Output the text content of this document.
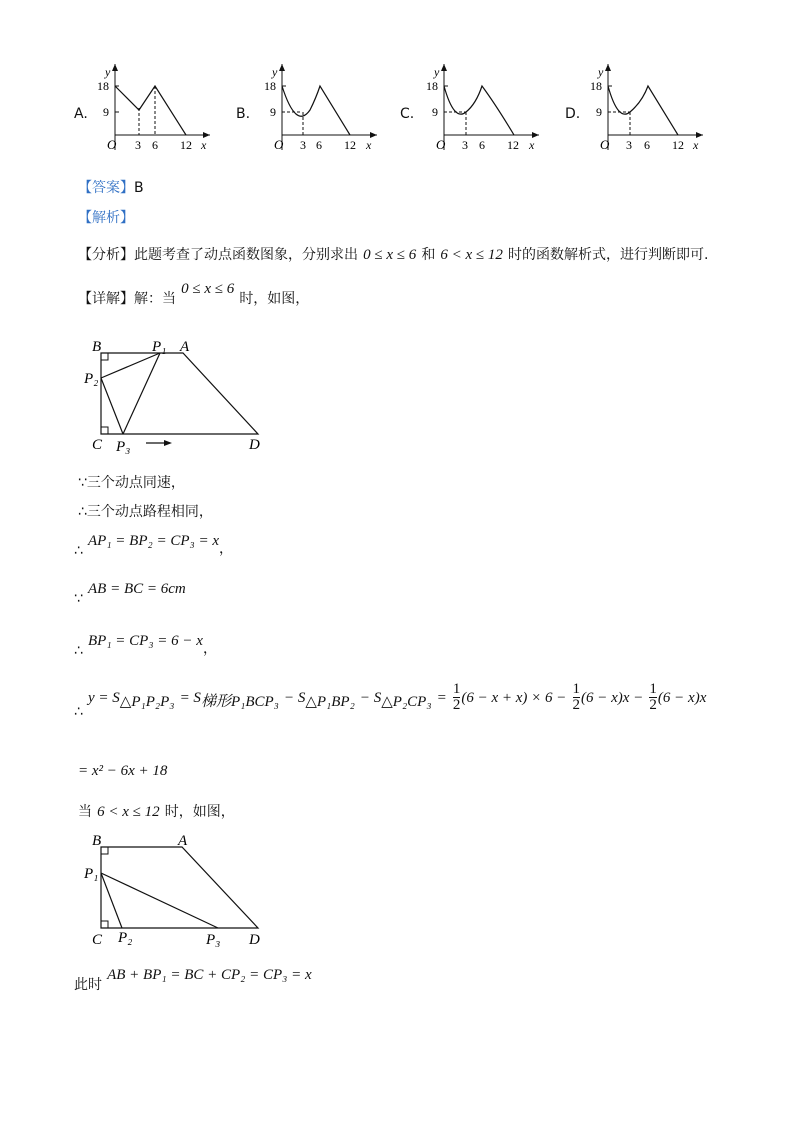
A.
y
18
9
O 3 6 12 x
B.
y
18
9
O 3 6 12 x
C.
y
18
9
O 3 6 12 x
D.
y
18
9
O 3 6 12 x
【答案】B
【解析】
【分析】此题考查了动点函数图象，分别求出 0 ≤ x ≤ 6 和 6 < x ≤ 12 时的函数解析式，进行判断即可.
【详解】解：当 0 ≤ x ≤ 6 时，如图，
B	P₁ A
P₂
C P₃	D
∵三个动点同速，
∴三个动点路程相同，
∴ AP₁ = BP₂ = CP₃ = x，
∵ AB = BC = 6cm
∴ BP₁ = CP₃ = 6 − x，
∴ $y = S_{\triangle P_1P_2P_3} = S_{梯形P_1BCP_3} - S_{\triangle P_1BP_2} - S_{\triangle P_2CP_3} = \frac{1}{2} (6 - x + x) \times 6 - \frac{1}{2} (6 - x)x - \frac{1}{2} (6 - x)x$
= x² − 6x + 18
当 6 < x ≤ 12 时，如图，
B	A
P₁
C P₂	P₃ D
此时 AB + BP₁ = BC + CP₂ = CP₃ = x
